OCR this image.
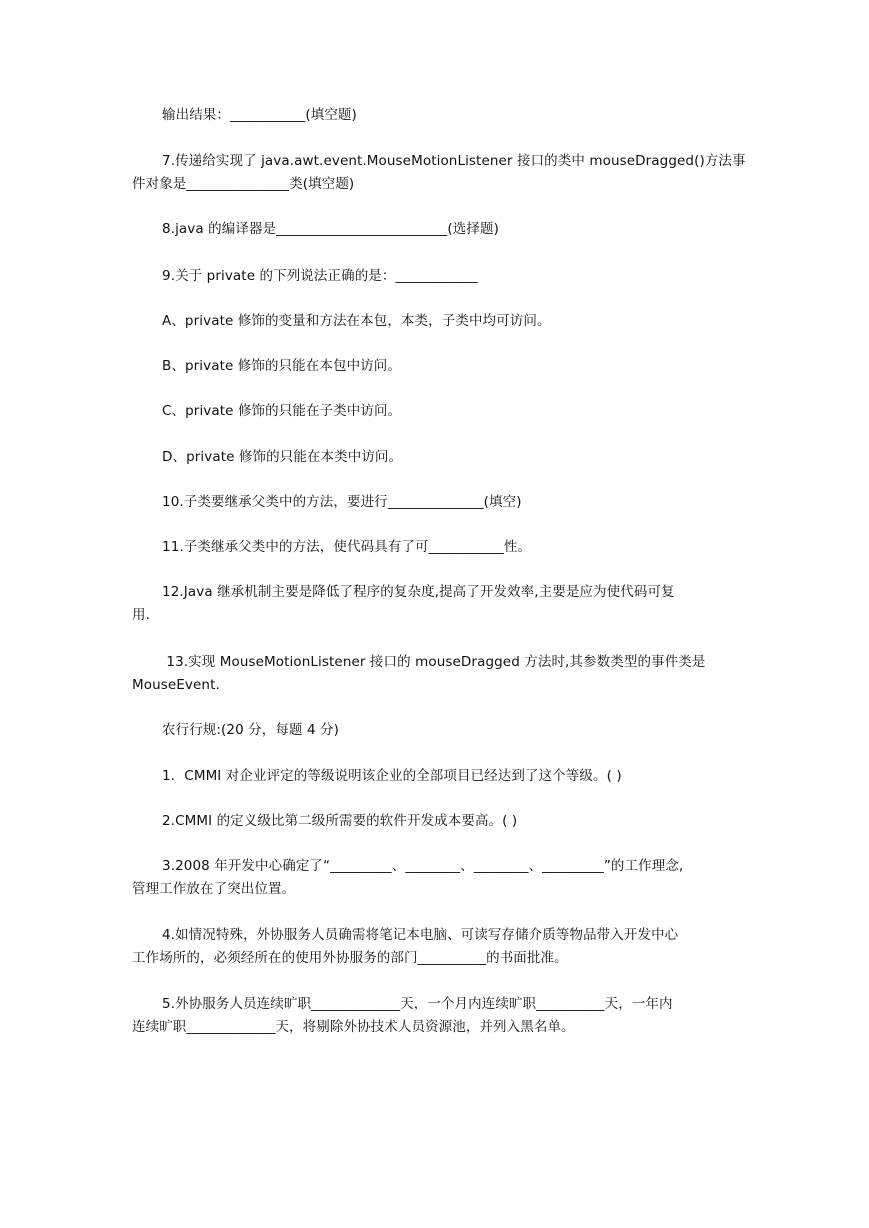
输出结果：___________(填空题)

7.传递给实现了 java.awt.event.MouseMotionListener 接口的类中 mouseDragged()方法事
件对象是_______________类(填空题)

8.java 的编译器是_________________________(选择题)

9.关于 private 的下列说法正确的是：____________

A、private 修饰的变量和方法在本包，本类，子类中均可访问。

B、private 修饰的只能在本包中访问。

C、private 修饰的只能在子类中访问。

D、private 修饰的只能在本类中访问。

10.子类要继承父类中的方法，要进行______________(填空)

11.子类继承父类中的方法，使代码具有了可___________性。

12.Java 继承机制主要是降低了程序的复杂度,提高了开发效率,主要是应为使代码可复
用.

13.实现 MouseMotionListener 接口的 mouseDragged 方法时,其参数类型的事件类是
MouseEvent.

农行行规:(20 分，每题 4 分)

1．CMMI 对企业评定的等级说明该企业的全部项目已经达到了这个等级。( )

2.CMMI 的定义级比第二级所需要的软件开发成本要高。( )

3.2008 年开发中心确定了“_________、________、________、_________”的工作理念,
管理工作放在了突出位置。

4.如情况特殊，外协服务人员确需将笔记本电脑、可读写存储介质等物品带入开发中心
工作场所的，必须经所在的使用外协服务的部门__________的书面批准。

5.外协服务人员连续旷职_____________天，一个月内连续旷职__________天，一年内
连续旷职_____________天，将剔除外协技术人员资源池，并列入黑名单。
